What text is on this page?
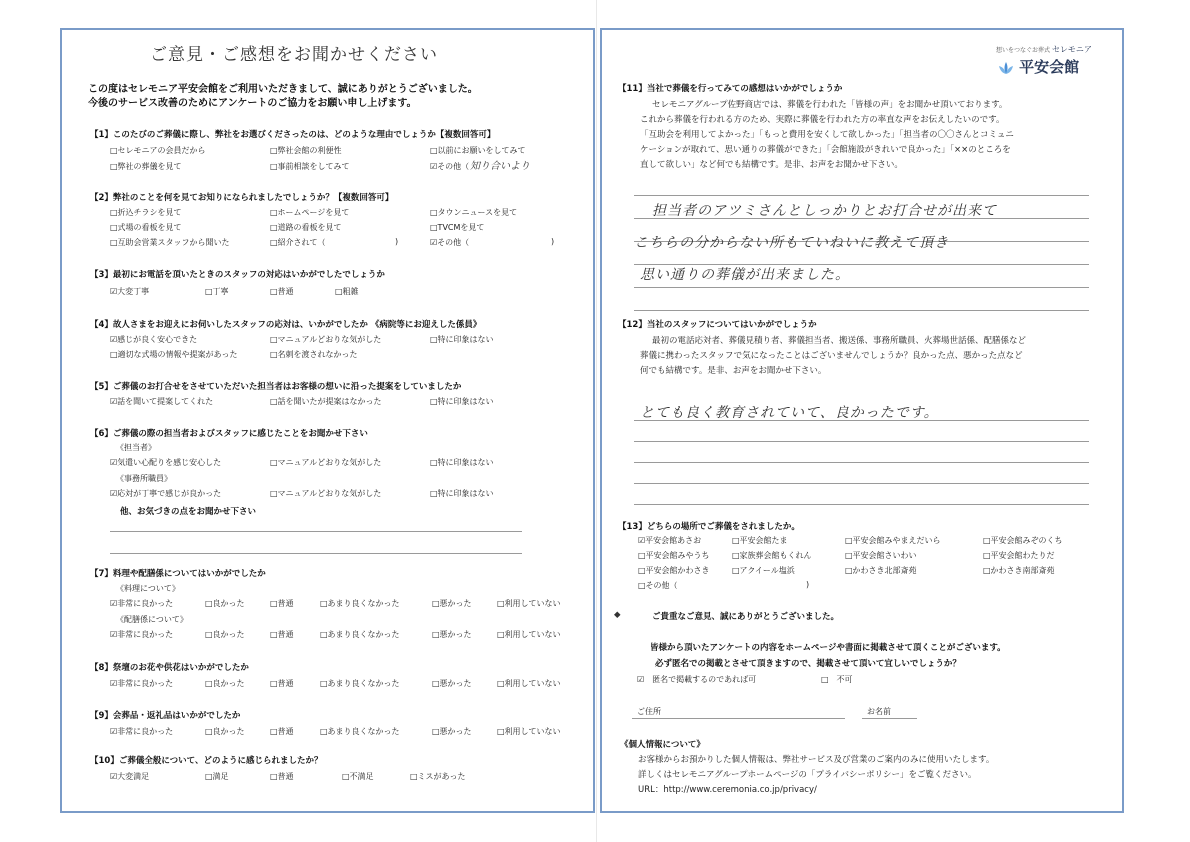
ご意見・ご感想をお聞かせください
この度はセレモニア平安会館をご利用いただきまして、誠にありがとうございました。
今後のサービス改善のためにアンケートのご協力をお願い申し上げます。
【1】このたびのご葬儀に際し、弊社をお選びくださったのは、どのような理由でしょうか【複数回答可】
□セレモニアの会員だから	□弊社会館の利便性	□以前にお願いをしてみて
□弊社の葬儀を見て	□事前相談をしてみて	☑その他（ 知り合いより
【2】弊社のことを何を見てお知りになられましたでしょうか？【複数回答可】
□折込チラシを見て	□ホームページを見て	□タウンニュースを見て
□式場の看板を見て	□道路の看板を見て	□TVCMを見て
□互助会営業スタッフから聞いた	□紹介されて（	)	☑その他（	)
【3】最初にお電話を頂いたときのスタッフの対応はいかがでしたでしょうか
☑大変丁寧	□丁寧	□普通	□粗雑
【4】故人さまをお迎えにお伺いしたスタッフの応対は、いかがでしたか 《病院等にお迎えした係員》
☑感じが良く安心できた	□マニュアルどおりな気がした	□特に印象はない
□適切な式場の情報や提案があった	□名刺を渡されなかった
【5】ご葬儀のお打合せをさせていただいた担当者はお客様の想いに沿った提案をしていましたか
☑話を聞いて提案してくれた	□話を聞いたが提案はなかった	□特に印象はない
【6】ご葬儀の際の担当者およびスタッフに感じたことをお聞かせ下さい
《担当者》
☑気遣い心配りを感じ安心した	□マニュアルどおりな気がした	□特に印象はない
《事務所職員》
☑応対が丁寧で感じが良かった	□マニュアルどおりな気がした	□特に印象はない
他、お気づきの点をお聞かせ下さい
【7】料理や配膳係についてはいかがでしたか
《料理について》
☑非常に良かった	□良かった	□普通	□あまり良くなかった	□悪かった	□利用していない
《配膳係について》
☑非常に良かった	□良かった	□普通	□あまり良くなかった	□悪かった	□利用していない
【8】祭壇のお花や供花はいかがでしたか
☑非常に良かった	□良かった	□普通	□あまり良くなかった	□悪かった	□利用していない
【9】会葬品・返礼品はいかがでしたか
☑非常に良かった	□良かった	□普通	□あまり良くなかった	□悪かった	□利用していない
【10】ご葬儀全般について、どのように感じられましたか？
☑大変満足	□満足	□普通	□不満足	□ミスがあった
想いをつなぐお葬式 セレモニア
平安会館
【11】当社で葬儀を行ってみての感想はいかがでしょうか
セレモニアグループ佐野商店では、葬儀を行われた「皆様の声」をお聞かせ頂いております。
これから葬儀を行われる方のため、実際に葬儀を行われた方の率直な声をお伝えしたいのです。
「互助会を利用してよかった」「もっと費用を安くして欲しかった」「担当者の〇〇さんとコミュニ
ケーションが取れて、思い通りの葬儀ができた」「会館施設がきれいで良かった」「××のところを
直して欲しい」など何でも結構です。是非、お声をお聞かせ下さい。
担当者のアツミさんとしっかりとお打合せが出来て
こちらの分からない所もていねいに教えて頂き
思い通りの葬儀が出来ました。
【12】当社のスタッフについてはいかがでしょうか
最初の電話応対者、葬儀見積り者、葬儀担当者、搬送係、事務所職員、火葬場世話係、配膳係など
葬儀に携わったスタッフで気になったことはございませんでしょうか？良かった点、悪かった点など
何でも結構です。是非、お声をお聞かせ下さい。
とても良く教育されていて、良かったです。
【13】どちらの場所でご葬儀をされましたか。
☑平安会館あさお	□平安会館たま	□平安会館みやまえだいら	□平安会館みぞのくち
□平安会館みやうち	□家族葬会館もくれん	□平安会館さいわい	□平安会館わたりだ
□平安会館かわさき	□アクイール塩浜	□かわさき北部斎苑	□かわさき南部斎苑
□その他（	)
◆	ご貴重なご意見、誠にありがとうございました。
皆様から頂いたアンケートの内容をホームページや書面に掲載させて頂くことがございます。
必ず匿名での掲載とさせて頂きますので、掲載させて頂いて宜しいでしょうか？
☑　匿名で掲載するのであれば可	□　不可
ご住所	お名前
《個人情報について》
お客様からお預かりした個人情報は、弊社サービス及び営業のご案内のみに使用いたします。
詳しくはセレモニアグループホームページの「プライバシーポリシー」をご覧ください。
URL：http://www.ceremonia.co.jp/privacy/
